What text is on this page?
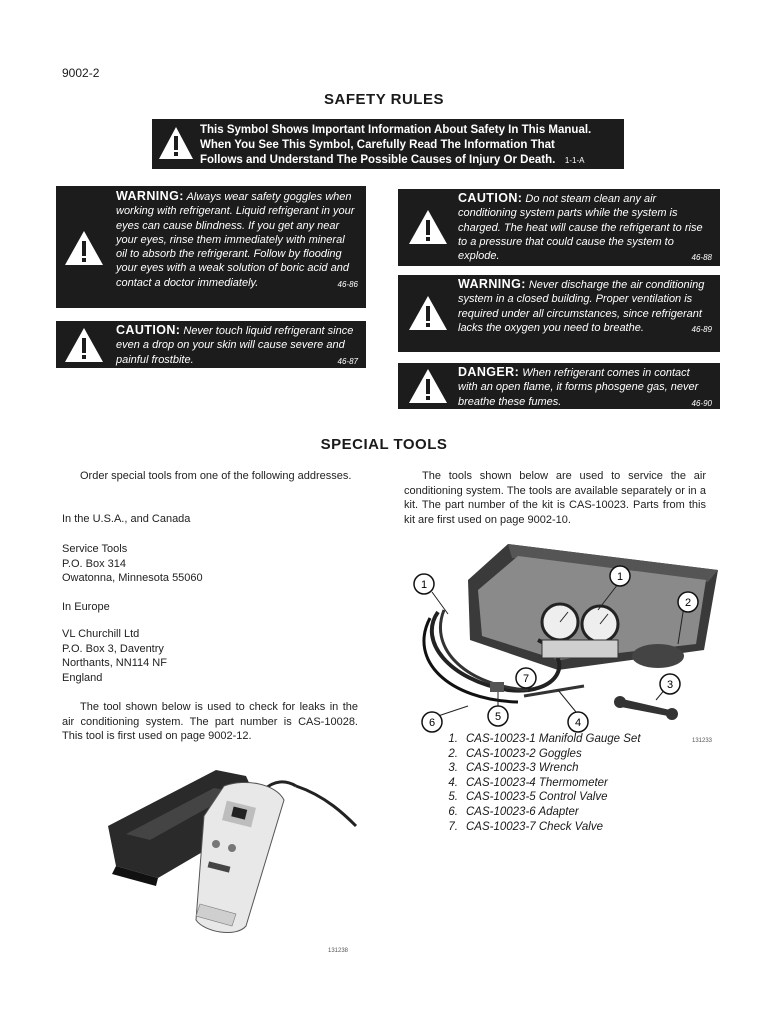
9002-2
SAFETY RULES
This Symbol Shows Important Information About Safety In This Manual.
When You See This Symbol, Carefully Read The Information That
Follows and Understand The Possible Causes of Injury Or Death. 1-1-A
WARNING: Always wear safety goggles when working with refrigerant. Liquid refrigerant in your eyes can cause blindness. If you get any near your eyes, rinse them immediately with mineral oil to absorb the refrigerant. Follow by flooding your eyes with a weak solution of boric acid and contact a doctor immediately.	46-86
CAUTION: Never touch liquid refrigerant since even a drop on your skin will cause severe and painful frostbite.	46-87
CAUTION: Do not steam clean any air conditioning system parts while the system is charged. The heat will cause the refrigerant to rise to a pressure that could cause the system to explode.	46-88
WARNING: Never discharge the air conditioning system in a closed building. Proper ventilation is required under all circumstances, since refrigerant lacks the oxygen you need to breathe.	46-89
DANGER: When refrigerant comes in contact with an open flame, it forms phosgene gas, never breathe these fumes.	46-90
SPECIAL TOOLS
Order special tools from one of the following addresses.
In the U.S.A., and Canada
Service Tools
P.O. Box 314
Owatonna, Minnesota 55060
In Europe
VL Churchill Ltd
P.O. Box 3, Daventry
Northants, NN114 NF
England
The tool shown below is used to check for leaks in the air conditioning system. The part number is CAS-10028. This tool is first used on page 9002-12.
131238
The tools shown below are used to service the air conditioning system. The tools are available separately or in a kit. The part number of the kit is CAS-10023. Parts from this kit are first used on page 9002-10.
1
1
2
3
4
5
6
7
131233
1. CAS-10023-1 Manifold Gauge Set
2. CAS-10023-2 Goggles
3. CAS-10023-3 Wrench
4. CAS-10023-4 Thermometer
5. CAS-10023-5 Control Valve
6. CAS-10023-6 Adapter
7. CAS-10023-7 Check Valve
